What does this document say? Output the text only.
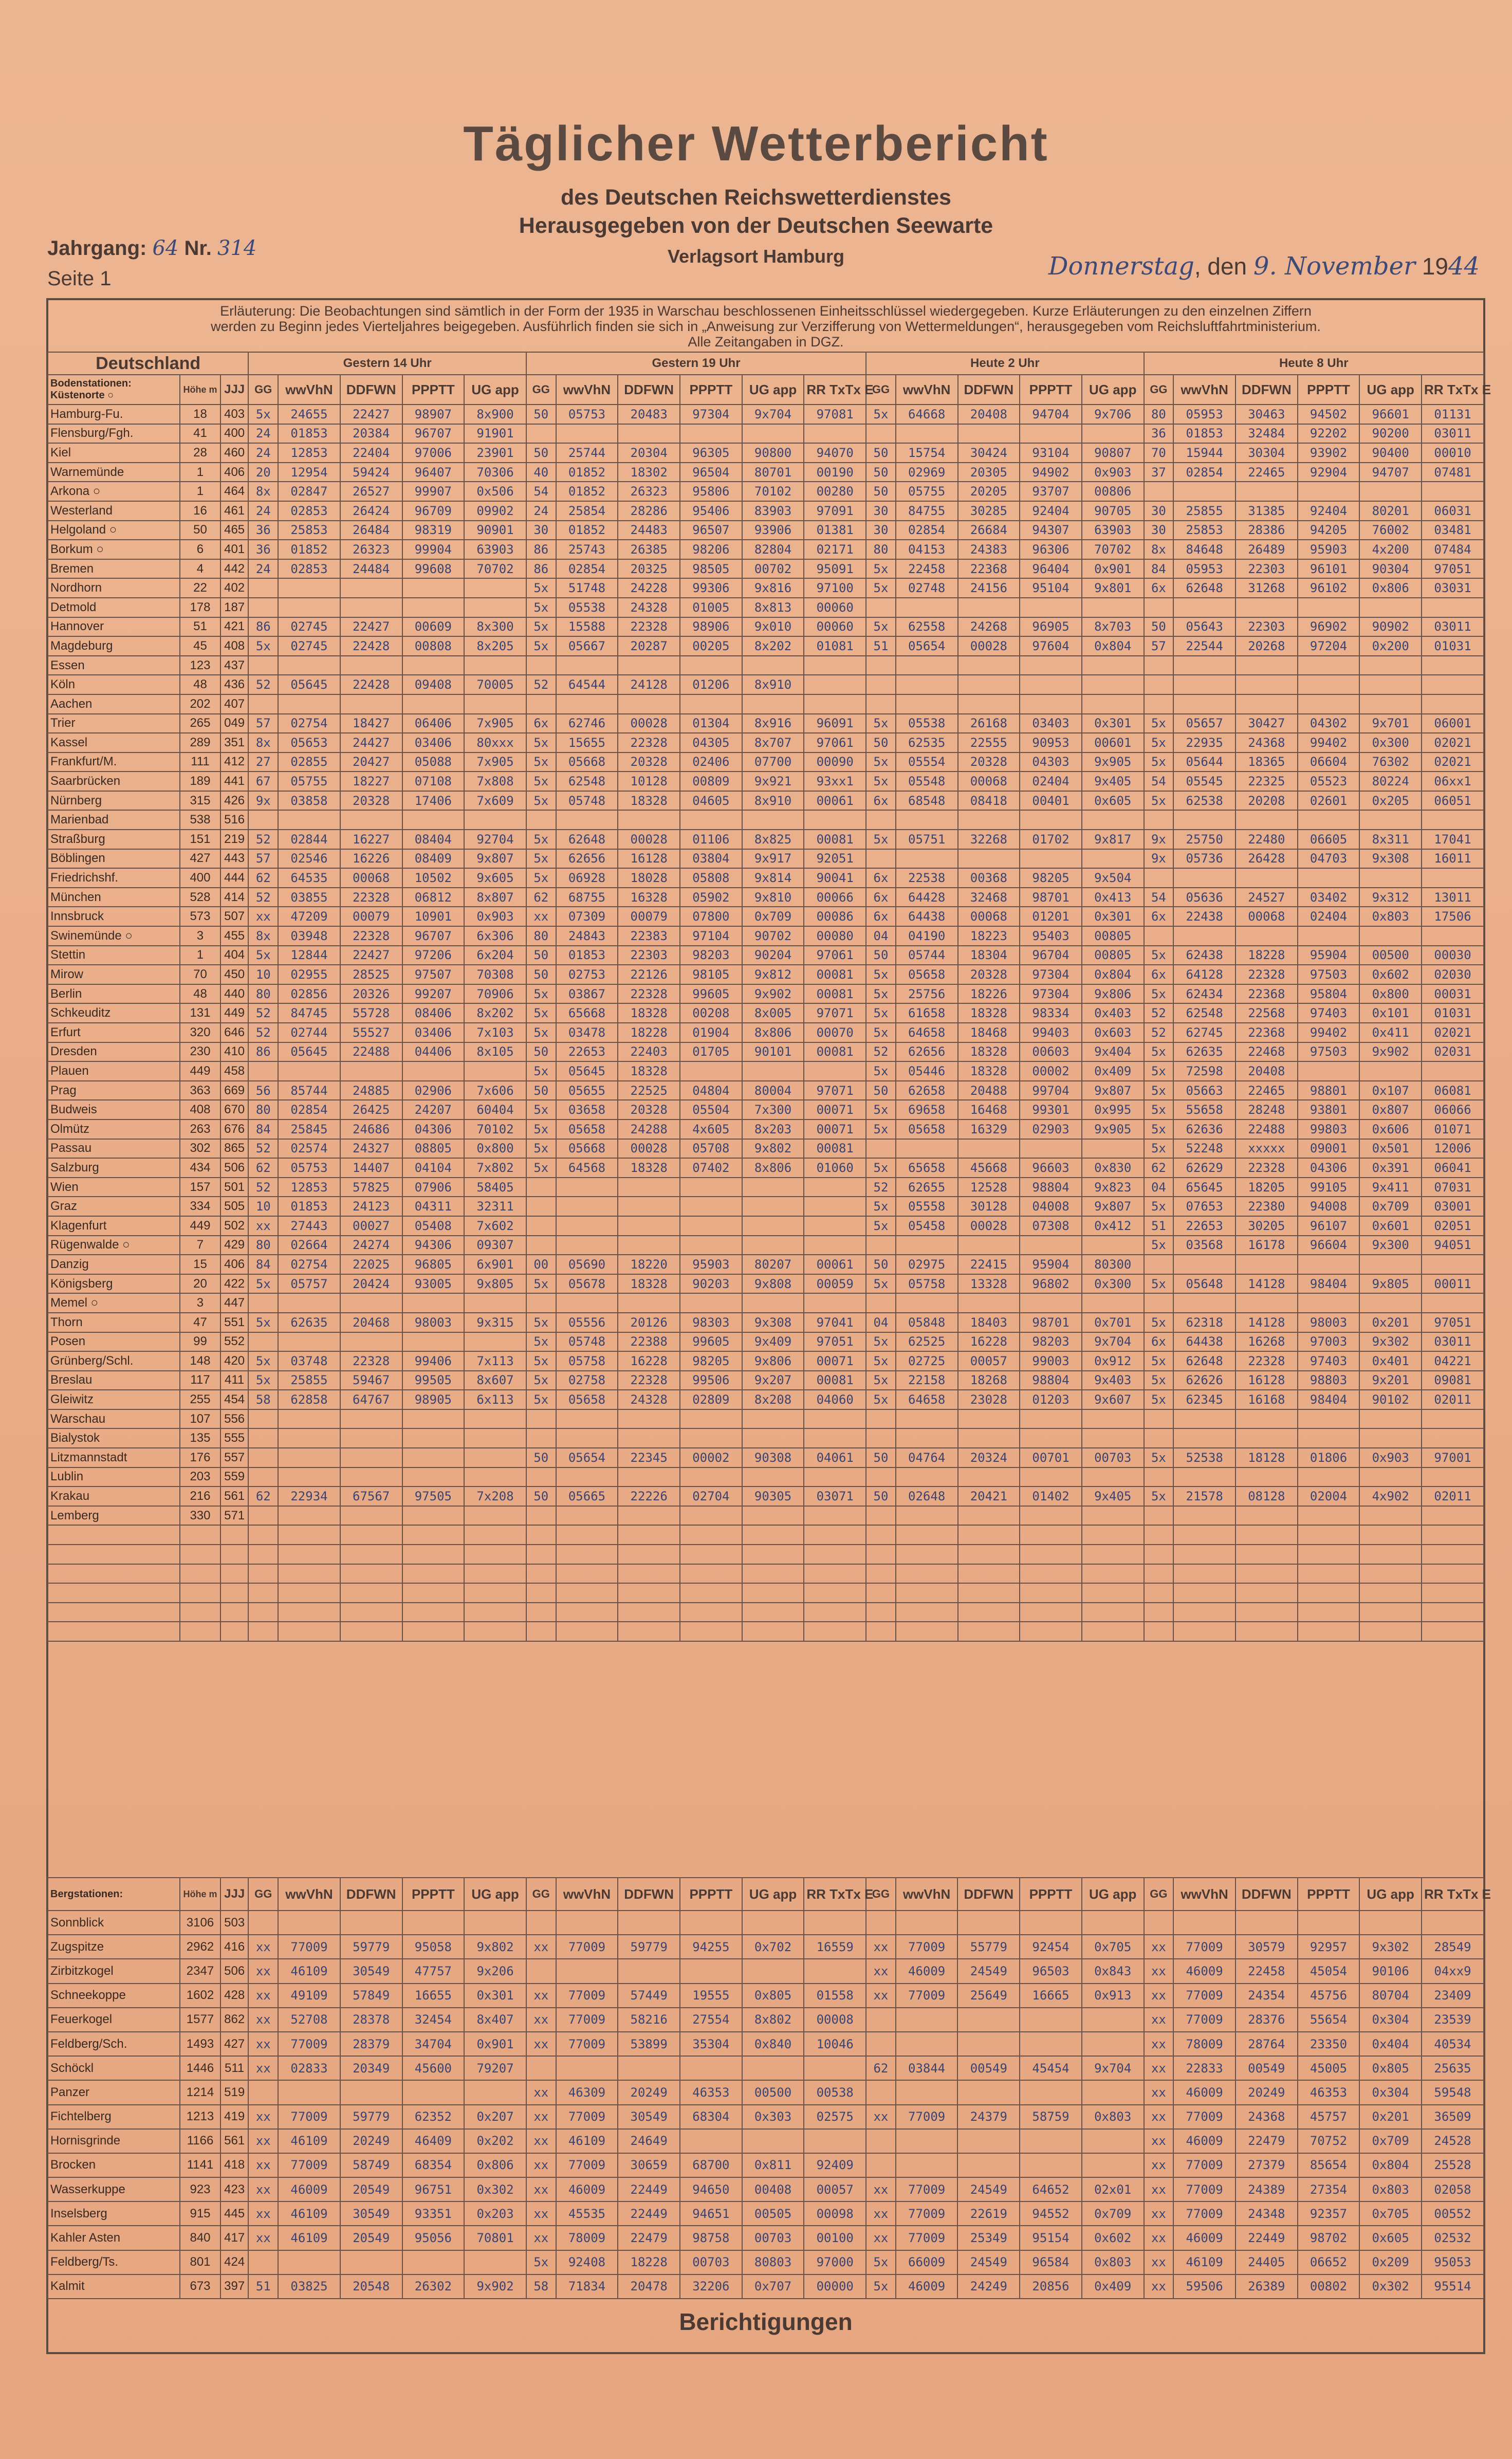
Täglicher Wetterbericht
des Deutschen Reichswetterdienstes
Herausgegeben von der Deutschen Seewarte
Verlagsort Hamburg
Jahrgang: 64 Nr. 314
Seite 1	Donnerstag, den 9. November 1944
Erläuterung: Die Beobachtungen sind sämtlich in der Form der 1935 in Warschau beschlossenen Einheitsschlüssel wiedergegeben. Kurze Erläuterungen zu den einzelnen Ziffern
werden zu Beginn jedes Vierteljahres beigegeben. Ausführlich finden sie sich in „Anweisung zur Verzifferung von Wettermeldungen“, herausgegeben vom Reichsluftfahrtministerium.
Alle Zeitangaben in DGZ.
Deutschland			Gestern 14 Uhr					Gestern 19 Uhr						Heute 2 Uhr					Heute 8 Uhr					
Bodenstationen: Küstenorte ○	Höhe m	JJJ	GG	wwVhN	DDFWN	PPPTT	UG app	GG	wwVhN	DDFWN	PPPTT	UG app	RR TxTx E	GG	wwVhN	DDFWN	PPPTT	UG app	GG	wwVhN	DDFWN	PPPTT	UG app	RR TxTx E
Hamburg-Fu.	18	403	5x	24655	22427	98907	8x900	50	05753	20483	97304	9x704	97081	5x	64668	20408	94704	9x706	80	05953	30463	94502	96601	01131
Flensburg/Fgh.	41	400	24	01853	20384	96707	91901												36	01853	32484	92202	90200	03011
Kiel	28	460	24	12853	22404	97006	23901	50	25744	20304	96305	90800	94070	50	15754	30424	93104	90807	70	15944	30304	93902	90400	00010
Warnemünde	1	406	20	12954	59424	96407	70306	40	01852	18302	96504	80701	00190	50	02969	20305	94902	0x903	37	02854	22465	92904	94707	07481
Arkona ○	1	464	8x	02847	26527	99907	0x506	54	01852	26323	95806	70102	00280	50	05755	20205	93707	00806						
Westerland	16	461	24	02853	26424	96709	09902	24	25854	28286	95406	83903	97091	30	84755	30285	92404	90705	30	25855	31385	92404	80201	06031
Helgoland ○	50	465	36	25853	26484	98319	90901	30	01852	24483	96507	93906	01381	30	02854	26684	94307	63903	30	25853	28386	94205	76002	03481
Borkum ○	6	401	36	01852	26323	99904	63903	86	25743	26385	98206	82804	02171	80	04153	24383	96306	70702	8x	84648	26489	95903	4x200	07484
Bremen	4	442	24	02853	24484	99608	70702	86	02854	20325	98505	00702	95091	5x	22458	22368	96404	0x901	84	05953	22303	96101	90304	97051
Nordhorn	22	402						5x	51748	24228	99306	9x816	97100	5x	02748	24156	95104	9x801	6x	62648	31268	96102	0x806	03031
Detmold	178	187						5x	05538	24328	01005	8x813	00060											
Hannover	51	421	86	02745	22427	00609	8x300	5x	15588	22328	98906	9x010	00060	5x	62558	24268	96905	8x703	50	05643	22303	96902	90902	03011
Magdeburg	45	408	5x	02745	22428	00808	8x205	5x	05667	20287	00205	8x202	01081	51	05654	00028	97604	0x804	57	22544	20268	97204	0x200	01031
Essen	123	437																						
Köln	48	436	52	05645	22428	09408	70005	52	64544	24128	01206	8x910												
Aachen	202	407																						
Trier	265	049	57	02754	18427	06406	7x905	6x	62746	00028	01304	8x916	96091	5x	05538	26168	03403	0x301	5x	05657	30427	04302	9x701	06001
Kassel	289	351	8x	05653	24427	03406	80xxx	5x	15655	22328	04305	8x707	97061	50	62535	22555	90953	00601	5x	22935	24368	99402	0x300	02021
Frankfurt/M.	111	412	27	02855	20427	05088	7x905	5x	05668	20328	02406	07700	00090	5x	05554	20328	04303	9x905	5x	05644	18365	06604	76302	02021
Saarbrücken	189	441	67	05755	18227	07108	7x808	5x	62548	10128	00809	9x921	93xx1	5x	05548	00068	02404	9x405	54	05545	22325	05523	80224	06xx1
Nürnberg	315	426	9x	03858	20328	17406	7x609	5x	05748	18328	04605	8x910	00061	6x	68548	08418	00401	0x605	5x	62538	20208	02601	0x205	06051
Marienbad	538	516																						
Straßburg	151	219	52	02844	16227	08404	92704	5x	62648	00028	01106	8x825	00081	5x	05751	32268	01702	9x817	9x	25750	22480	06605	8x311	17041
Böblingen	427	443	57	02546	16226	08409	9x807	5x	62656	16128	03804	9x917	92051						9x	05736	26428	04703	9x308	16011
Friedrichshf.	400	444	62	64535	00068	10502	9x605	5x	06928	18028	05808	9x814	90041	6x	22538	00368	98205	9x504						
München	528	414	52	03855	22328	06812	8x807	62	68755	16328	05902	9x810	00066	6x	64428	32468	98701	0x413	54	05636	24527	03402	9x312	13011
Innsbruck	573	507	xx	47209	00079	10901	0x903	xx	07309	00079	07800	0x709	00086	6x	64438	00068	01201	0x301	6x	22438	00068	02404	0x803	17506
Swinemünde ○	3	455	8x	03948	22328	96707	6x306	80	24843	22383	97104	90702	00080	04	04190	18223	95403	00805						
Stettin	1	404	5x	12844	22427	97206	6x204	50	01853	22303	98203	90204	97061	50	05744	18304	96704	00805	5x	62438	18228	95904	00500	00030
Mirow	70	450	10	02955	28525	97507	70308	50	02753	22126	98105	9x812	00081	5x	05658	20328	97304	0x804	6x	64128	22328	97503	0x602	02030
Berlin	48	440	80	02856	20326	99207	70906	5x	03867	22328	99605	9x902	00081	5x	25756	18226	97304	9x806	5x	62434	22368	95804	0x800	00031
Schkeuditz	131	449	52	84745	55728	08406	8x202	5x	65668	18328	00208	8x005	97071	5x	61658	18328	98334	0x403	52	62548	22568	97403	0x101	01031
Erfurt	320	646	52	02744	55527	03406	7x103	5x	03478	18228	01904	8x806	00070	5x	64658	18468	99403	0x603	52	62745	22368	99402	0x411	02021
Dresden	230	410	86	05645	22488	04406	8x105	50	22653	22403	01705	90101	00081	52	62656	18328	00603	9x404	5x	62635	22468	97503	9x902	02031
Plauen	449	458						5x	05645	18328				5x	05446	18328	00002	0x409	5x	72598	20408			
Prag	363	669	56	85744	24885	02906	7x606	50	05655	22525	04804	80004	97071	50	62658	20488	99704	9x807	5x	05663	22465	98801	0x107	06081
Budweis	408	670	80	02854	26425	24207	60404	5x	03658	20328	05504	7x300	00071	5x	69658	16468	99301	0x995	5x	55658	28248	93801	0x807	06066
Olmütz	263	676	84	25845	24686	04306	70102	5x	05658	24288	4x605	8x203	00071	5x	05658	16329	02903	9x905	5x	62636	22488	99803	0x606	01071
Passau	302	865	52	02574	24327	08805	0x800	5x	05668	00028	05708	9x802	00081						5x	52248	xxxxx	09001	0x501	12006
Salzburg	434	506	62	05753	14407	04104	7x802	5x	64568	18328	07402	8x806	01060	5x	65658	45668	96603	0x830	62	62629	22328	04306	0x391	06041
Wien	157	501	52	12853	57825	07906	58405							52	62655	12528	98804	9x823	04	65645	18205	99105	9x411	07031
Graz	334	505	10	01853	24123	04311	32311							5x	05558	30128	04008	9x807	5x	07653	22380	94008	0x709	03001
Klagenfurt	449	502	xx	27443	00027	05408	7x602							5x	05458	00028	07308	0x412	51	22653	30205	96107	0x601	02051
Rügenwalde ○	7	429	80	02664	24274	94306	09307												5x	03568	16178	96604	9x300	94051
Danzig	15	406	84	02754	22025	96805	6x901	00	05690	18220	95903	80207	00061	50	02975	22415	95904	80300						
Königsberg	20	422	5x	05757	20424	93005	9x805	5x	05678	18328	90203	9x808	00059	5x	05758	13328	96802	0x300	5x	05648	14128	98404	9x805	00011
Memel ○	3	447																						
Thorn	47	551	5x	62635	20468	98003	9x315	5x	05556	20126	98303	9x308	97041	04	05848	18403	98701	0x701	5x	62318	14128	98003	0x201	97051
Posen	99	552						5x	05748	22388	99605	9x409	97051	5x	62525	16228	98203	9x704	6x	64438	16268	97003	9x302	03011
Grünberg/Schl.	148	420	5x	03748	22328	99406	7x113	5x	05758	16228	98205	9x806	00071	5x	02725	00057	99003	0x912	5x	62648	22328	97403	0x401	04221
Breslau	117	411	5x	25855	59467	99505	8x607	5x	02758	22328	99506	9x207	00081	5x	22158	18268	98804	9x403	5x	62626	16128	98803	9x201	09081
Gleiwitz	255	454	58	62858	64767	98905	6x113	5x	05658	24328	02809	8x208	04060	5x	64658	23028	01203	9x607	5x	62345	16168	98404	90102	02011
Warschau	107	556																						
Bialystok	135	555																						
Litzmannstadt	176	557						50	05654	22345	00002	90308	04061	50	04764	20324	00701	00703	5x	52538	18128	01806	0x903	97001
Lublin	203	559																						
Krakau	216	561	62	22934	67567	97505	7x208	50	05665	22226	02704	90305	03071	50	02648	20421	01402	9x405	5x	21578	08128	02004	4x902	02011
Lemberg	330	571																						

Bergstationen:	Höhe m	JJJ	GG	wwVhN	DDFWN	PPPTT	UG app	GG	wwVhN	DDFWN	PPPTT	UG app	RR TxTx E	GG	wwVhN	DDFWN	PPPTT	UG app	GG	wwVhN	DDFWN	PPPTT	UG app	RR TxTx E
Sonnblick	3106	503																						
Zugspitze	2962	416	xx	77009	59779	95058	9x802	xx	77009	59779	94255	0x702	16559	xx	77009	55779	92454	0x705	xx	77009	30579	92957	9x302	28549
Zirbitzkogel	2347	506	xx	46109	30549	47757	9x206							xx	46009	24549	96503	0x843	xx	46009	22458	45054	90106	04xx9
Schneekoppe	1602	428	xx	49109	57849	16655	0x301	xx	77009	57449	19555	0x805	01558	xx	77009	25649	16665	0x913	xx	77009	24354	45756	80704	23409
Feuerkogel	1577	862	xx	52708	28378	32454	8x407	xx	77009	58216	27554	8x802	00008						xx	77009	28376	55654	0x304	23539
Feldberg/Sch.	1493	427	xx	77009	28379	34704	0x901	xx	77009	53899	35304	0x840	10046						xx	78009	28764	23350	0x404	40534
Schöckl	1446	511	xx	02833	20349	45600	79207							62	03844	00549	45454	9x704	xx	22833	00549	45005	0x805	25635
Panzer	1214	519						xx	46309	20249	46353	00500	00538						xx	46009	20249	46353	0x304	59548
Fichtelberg	1213	419	xx	77009	59779	62352	0x207	xx	77009	30549	68304	0x303	02575	xx	77009	24379	58759	0x803	xx	77009	24368	45757	0x201	36509
Hornisgrinde	1166	561	xx	46109	20249	46409	0x202	xx	46109	24649									xx	46009	22479	70752	0x709	24528
Brocken	1141	418	xx	77009	58749	68354	0x806	xx	77009	30659	68700	0x811	92409						xx	77009	27379	85654	0x804	25528
Wasserkuppe	923	423	xx	46009	20549	96751	0x302	xx	46009	22449	94650	00408	00057	xx	77009	24549	64652	02x01	xx	77009	24389	27354	0x803	02058
Inselsberg	915	445	xx	46109	30549	93351	0x203	xx	45535	22449	94651	00505	00098	xx	77009	22619	94552	0x709	xx	77009	24348	92357	0x705	00552
Kahler Asten	840	417	xx	46109	20549	95056	70801	xx	78009	22479	98758	00703	00100	xx	77009	25349	95154	0x602	xx	46009	22449	98702	0x605	02532
Feldberg/Ts.	801	424						5x	92408	18228	00703	80803	97000	5x	66009	24549	96584	0x803	xx	46109	24405	06652	0x209	95053
Kalmit	673	397	51	03825	20548	26302	9x902	58	71834	20478	32206	0x707	00000	5x	46009	24249	20856	0x409	xx	59506	26389	00802	0x302	95514
Berichtigungen
